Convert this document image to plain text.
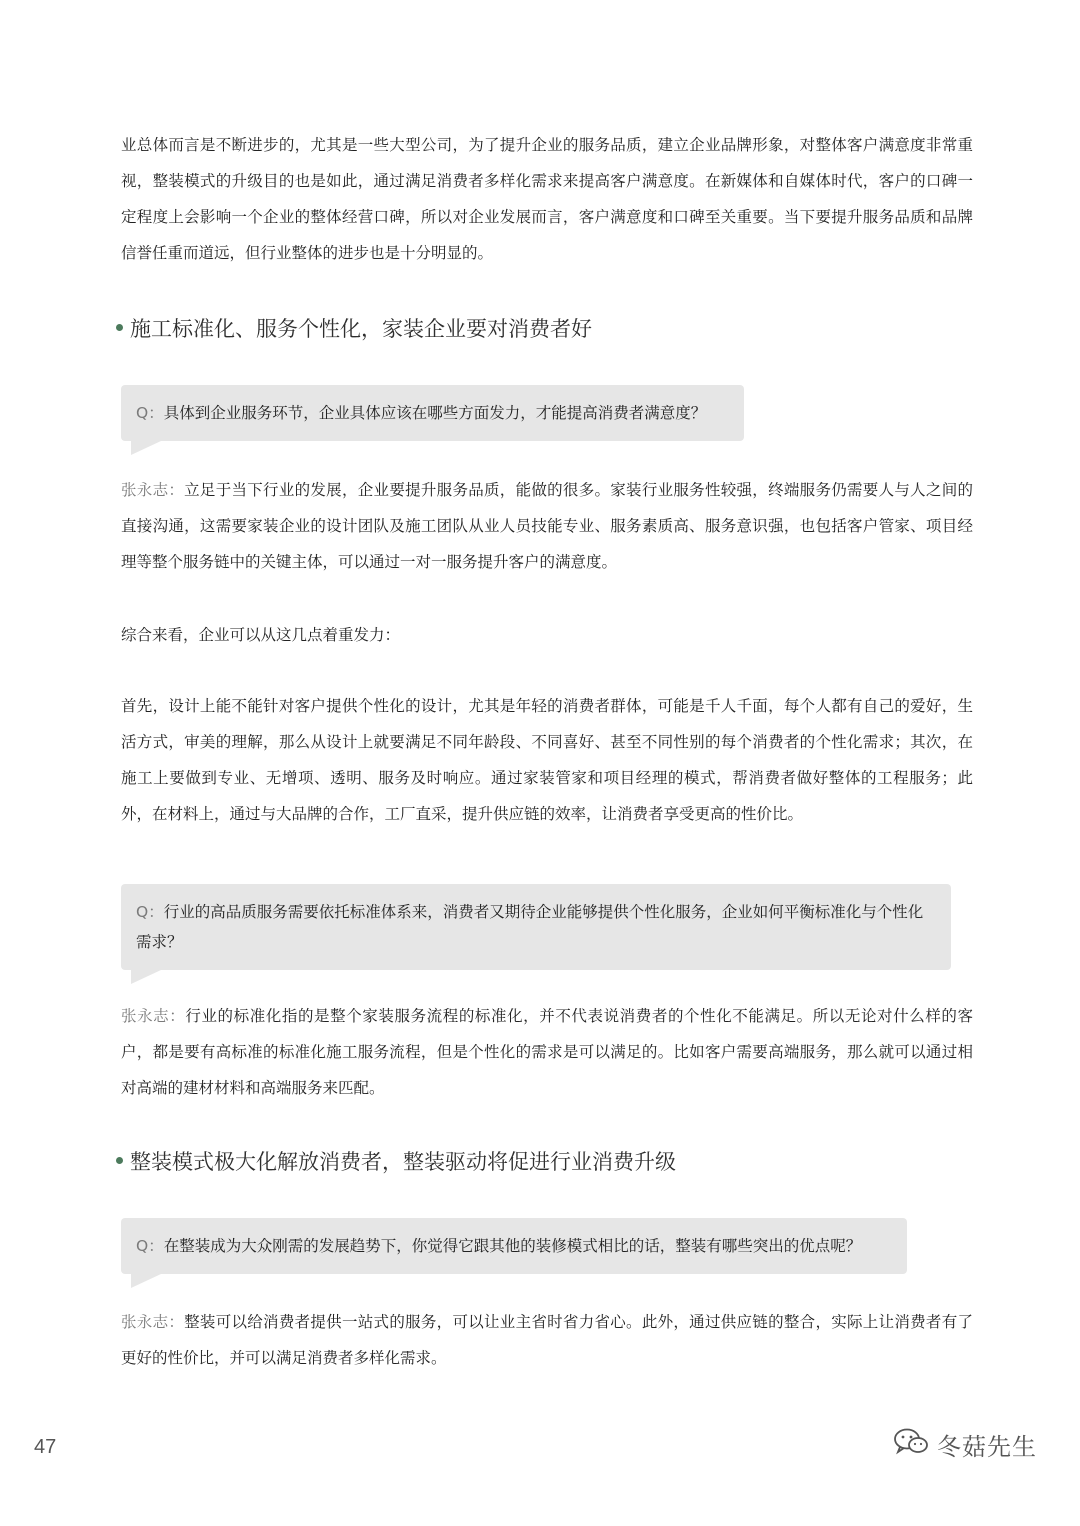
业总体而言是不断进步的，尤其是一些大型公司，为了提升企业的服务品质，建立企业品牌形象，对整体客户满意度非常重视，整装模式的升级目的也是如此，通过满足消费者多样化需求来提高客户满意度。在新媒体和自媒体时代，客户的口碑一定程度上会影响一个企业的整体经营口碑，所以对企业发展而言，客户满意度和口碑至关重要。当下要提升服务品质和品牌信誉任重而道远，但行业整体的进步也是十分明显的。

施工标准化、服务个性化，家装企业要对消费者好
Q：具体到企业服务环节，企业具体应该在哪些方面发力，才能提高消费者满意度？

张永志：立足于当下行业的发展，企业要提升服务品质，能做的很多。家装行业服务性较强，终端服务仍需要人与人之间的直接沟通，这需要家装企业的设计团队及施工团队从业人员技能专业、服务素质高、服务意识强，也包括客户管家、项目经理等整个服务链中的关键主体，可以通过一对一服务提升客户的满意度。

综合来看，企业可以从这几点着重发力：

首先，设计上能不能针对客户提供个性化的设计，尤其是年轻的消费者群体，可能是千人千面，每个人都有自己的爱好，生活方式，审美的理解，那么从设计上就要满足不同年龄段、不同喜好、甚至不同性别的每个消费者的个性化需求；其次，在施工上要做到专业、无增项、透明、服务及时响应。通过家装管家和项目经理的模式，帮消费者做好整体的工程服务；此外，在材料上，通过与大品牌的合作，工厂直采，提升供应链的效率，让消费者享受更高的性价比。

Q：行业的高品质服务需要依托标准体系来，消费者又期待企业能够提供个性化服务，企业如何平衡标准化与个性化需求？

张永志：行业的标准化指的是整个家装服务流程的标准化，并不代表说消费者的个性化不能满足。所以无论对什么样的客户，都是要有高标准的标准化施工服务流程，但是个性化的需求是可以满足的。比如客户需要高端服务，那么就可以通过相对高端的建材材料和高端服务来匹配。

整装模式极大化解放消费者，整装驱动将促进行业消费升级
Q：在整装成为大众刚需的发展趋势下，你觉得它跟其他的装修模式相比的话，整装有哪些突出的优点呢？

张永志：整装可以给消费者提供一站式的服务，可以让业主省时省力省心。此外，通过供应链的整合，实际上让消费者有了更好的性价比，并可以满足消费者多样化需求。

47	冬菇先生
